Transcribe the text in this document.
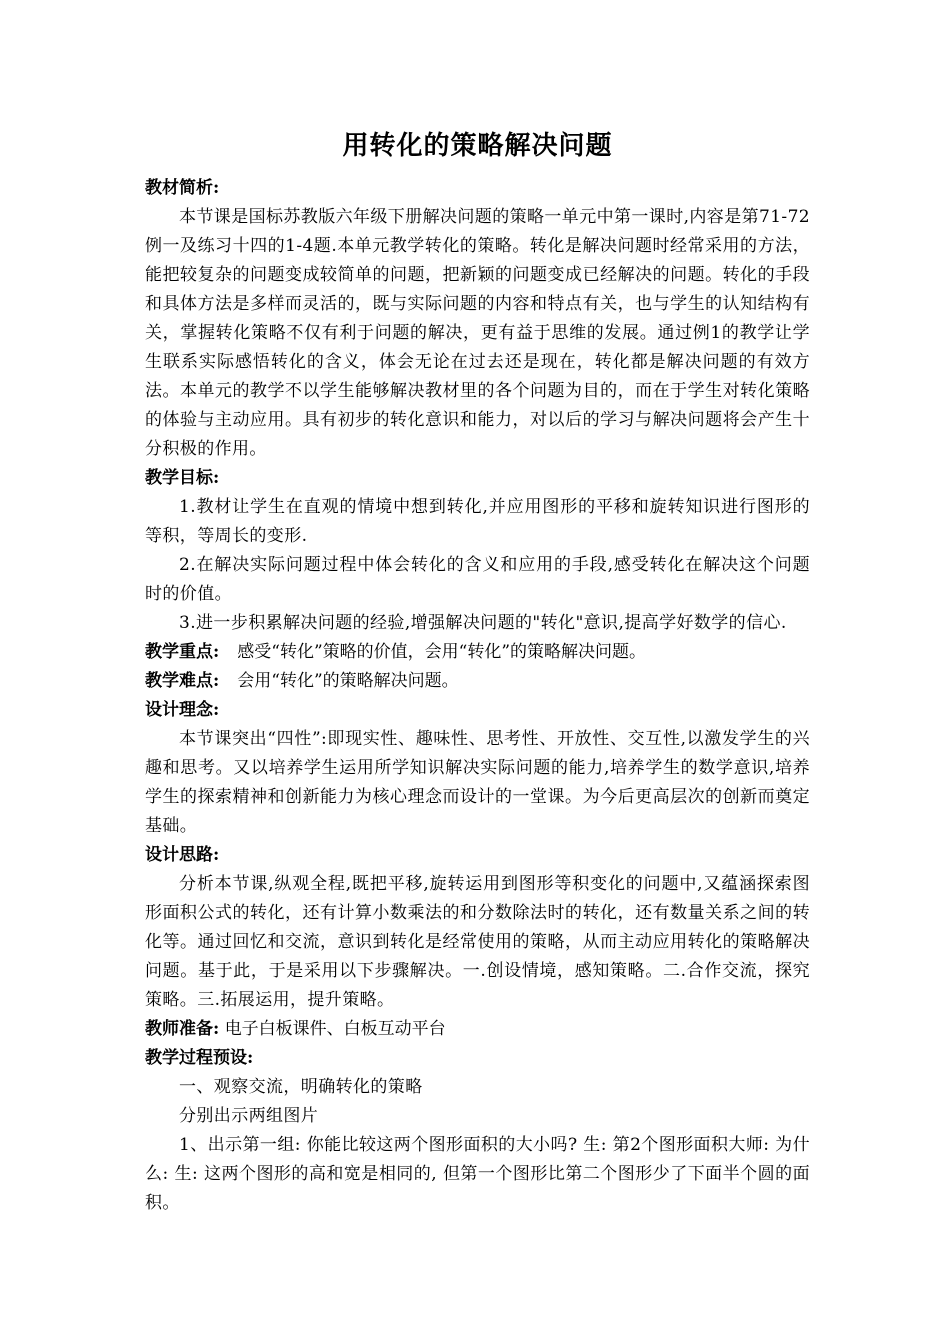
用转化的策略解决问题
教材简析:

本节课是国标苏教版六年级下册解决问题的策略一单元中第一课时,内容是第71-72例一及练习十四的1-4题.本单元教学转化的策略。转化是解决问题时经常采用的方法，能把较复杂的问题变成较简单的问题，把新颖的问题变成已经解决的问题。转化的手段和具体方法是多样而灵活的，既与实际问题的内容和特点有关，也与学生的认知结构有关，掌握转化策略不仅有利于问题的解决，更有益于思维的发展。通过例1的教学让学生联系实际感悟转化的含义，体会无论在过去还是现在，转化都是解决问题的有效方法。本单元的教学不以学生能够解决教材里的各个问题为目的，而在于学生对转化策略的体验与主动应用。具有初步的转化意识和能力，对以后的学习与解决问题将会产生十分积极的作用。

教学目标:

1.教材让学生在直观的情境中想到转化,并应用图形的平移和旋转知识进行图形的等积，等周长的变形.

2.在解决实际问题过程中体会转化的含义和应用的手段,感受转化在解决这个问题时的价值。

3.进一步积累解决问题的经验,增强解决问题的"转化"意识,提高学好数学的信心.

教学重点: 感受“转化”策略的价值，会用“转化”的策略解决问题。
教学难点: 会用“转化”的策略解决问题。
设计理念:

本节课突出“四性”:即现实性、趣味性、思考性、开放性、交互性,以激发学生的兴趣和思考。又以培养学生运用所学知识解决实际问题的能力,培养学生的数学意识,培养学生的探索精神和创新能力为核心理念而设计的一堂课。为今后更高层次的创新而奠定基础。

设计思路:

分析本节课,纵观全程,既把平移,旋转运用到图形等积变化的问题中,又蕴涵探索图形面积公式的转化，还有计算小数乘法的和分数除法时的转化，还有数量关系之间的转化等。通过回忆和交流，意识到转化是经常使用的策略，从而主动应用转化的策略解决问题。基于此，于是采用以下步骤解决。一.创设情境，感知策略。二.合作交流，探究策略。三.拓展运用，提升策略。

教师准备: 电子白板课件、白板互动平台
教学过程预设:

一、观察交流，明确转化的策略

分别出示两组图片

1、出示第一组: 你能比较这两个图形面积的大小吗? 生: 第2个图形面积大师: 为什么: 生: 这两个图形的高和宽是相同的, 但第一个图形比第二个图形少了下面半个圆的面积。
